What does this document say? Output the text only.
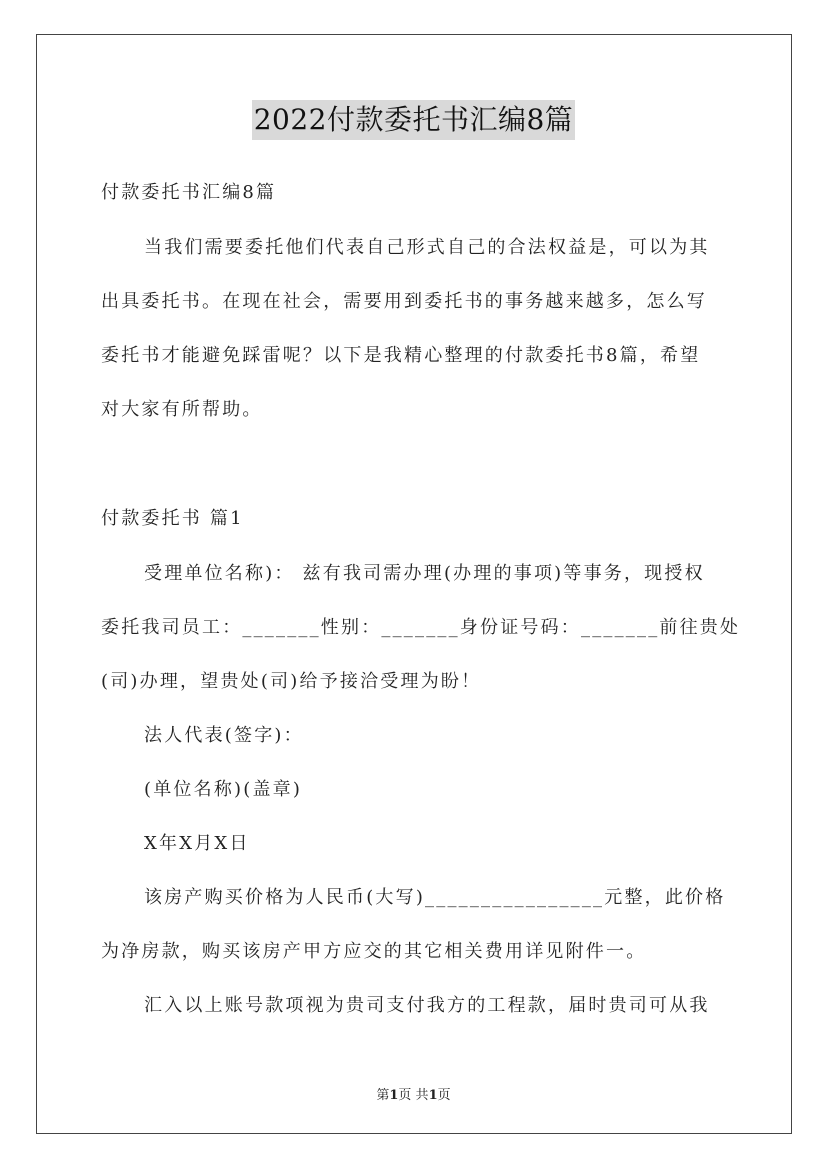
2022付款委托书汇编8篇
付款委托书汇编8篇
当我们需要委托他们代表自己形式自己的合法权益是，可以为其
出具委托书。在现在社会，需要用到委托书的事务越来越多，怎么写
委托书才能避免踩雷呢？以下是我精心整理的付款委托书8篇，希望
对大家有所帮助。
付款委托书 篇1
受理单位名称)： 兹有我司需办理(办理的事项)等事务，现授权
委托我司员工：_______性别：_______身份证号码：_______前往贵处
(司)办理，望贵处(司)给予接洽受理为盼！
法人代表(签字)：
(单位名称)(盖章)
X年X月X日
该房产购买价格为人民币(大写)________________元整，此价格
为净房款，购买该房产甲方应交的其它相关费用详见附件一。
汇入以上账号款项视为贵司支付我方的工程款，届时贵司可从我
第1页 共1页
